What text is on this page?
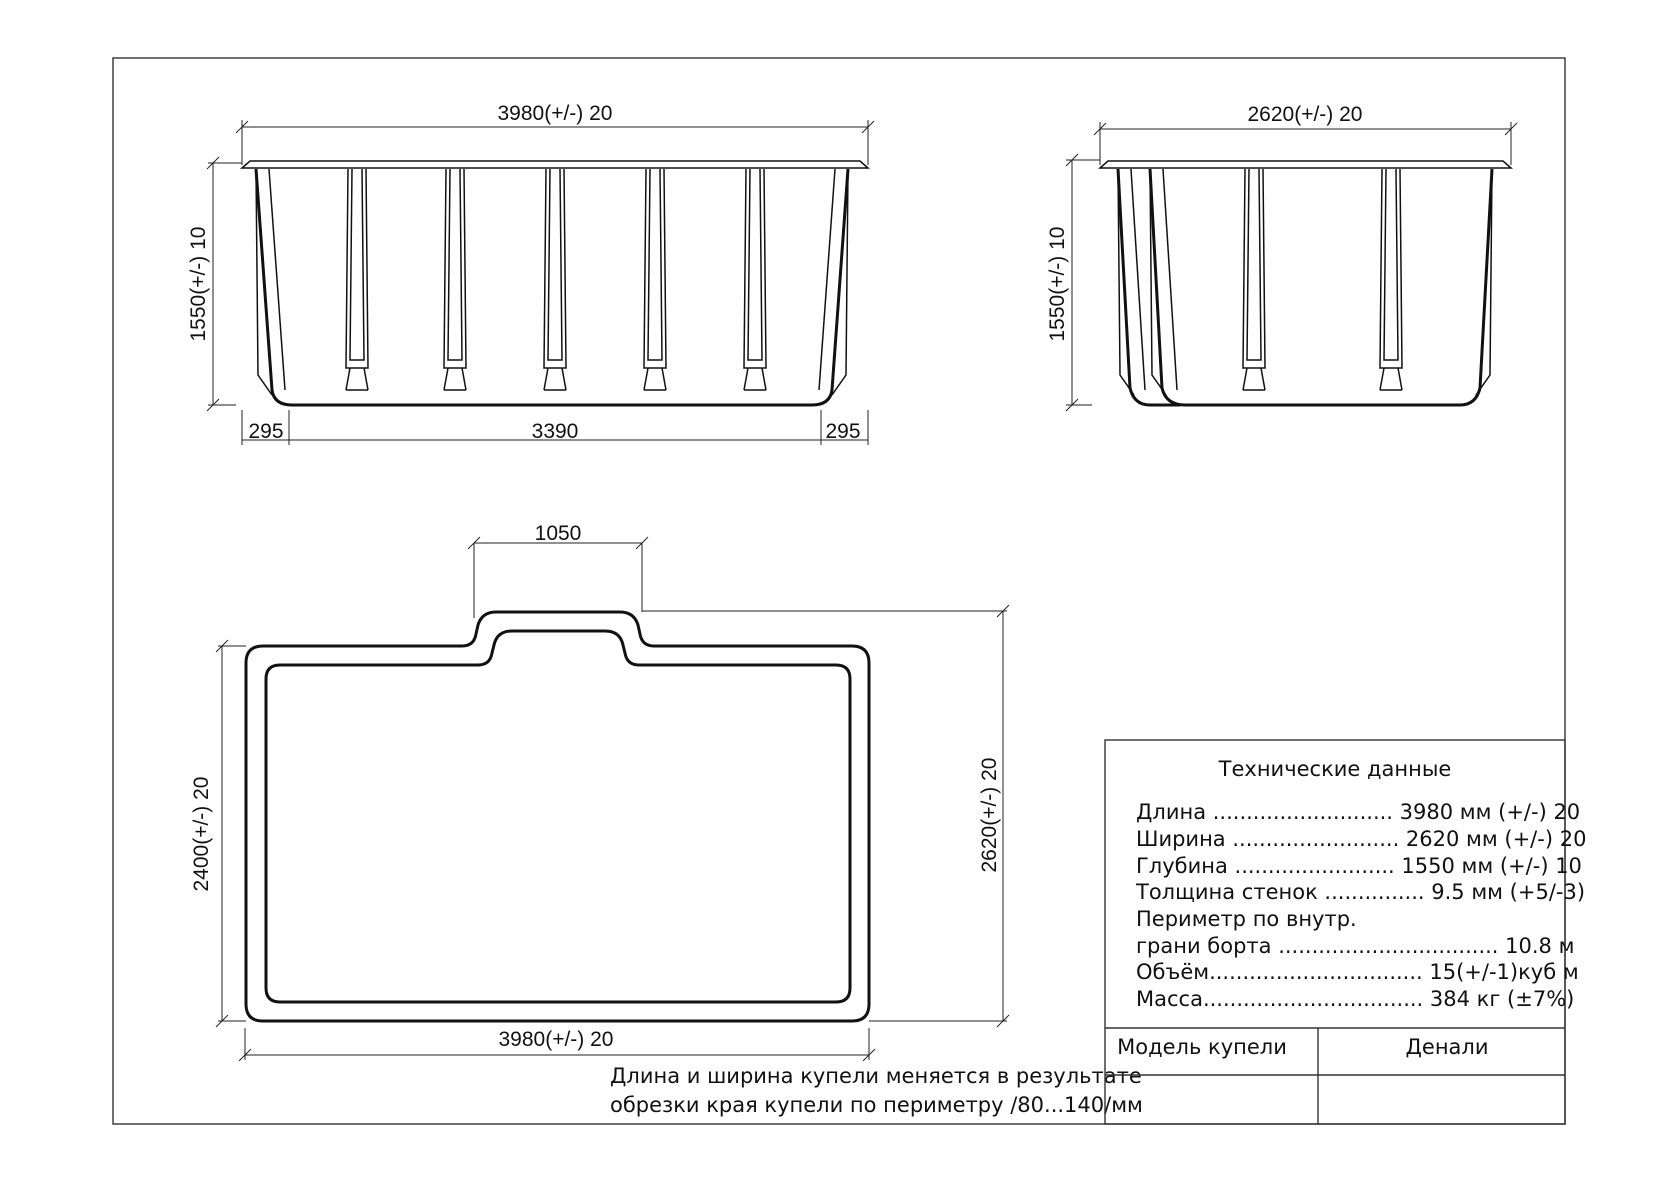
3980(+/-) 20
1550(+/-) 10
295	3390	295
2620(+/-) 20
1550(+/-) 10
1050
2620(+/-) 20
2400(+/-) 20
3980(+/-) 20
Длина и ширина купели меняется в результате
обрезки края купели по периметру /80...140/мм
Технические данные
Длина ........................... 3980 мм (+/-) 20
Ширина ......................... 2620 мм (+/-) 20
Глубина ........................ 1550 мм (+/-) 10
Толщина стенок ............... 9.5 мм (+5/-3)
Периметр по внутр.
грани борта ................................. 10.8 м
Объём................................ 15(+/-1)куб м
Масса................................. 384 кг (±7%)
Модель купели	Денали
